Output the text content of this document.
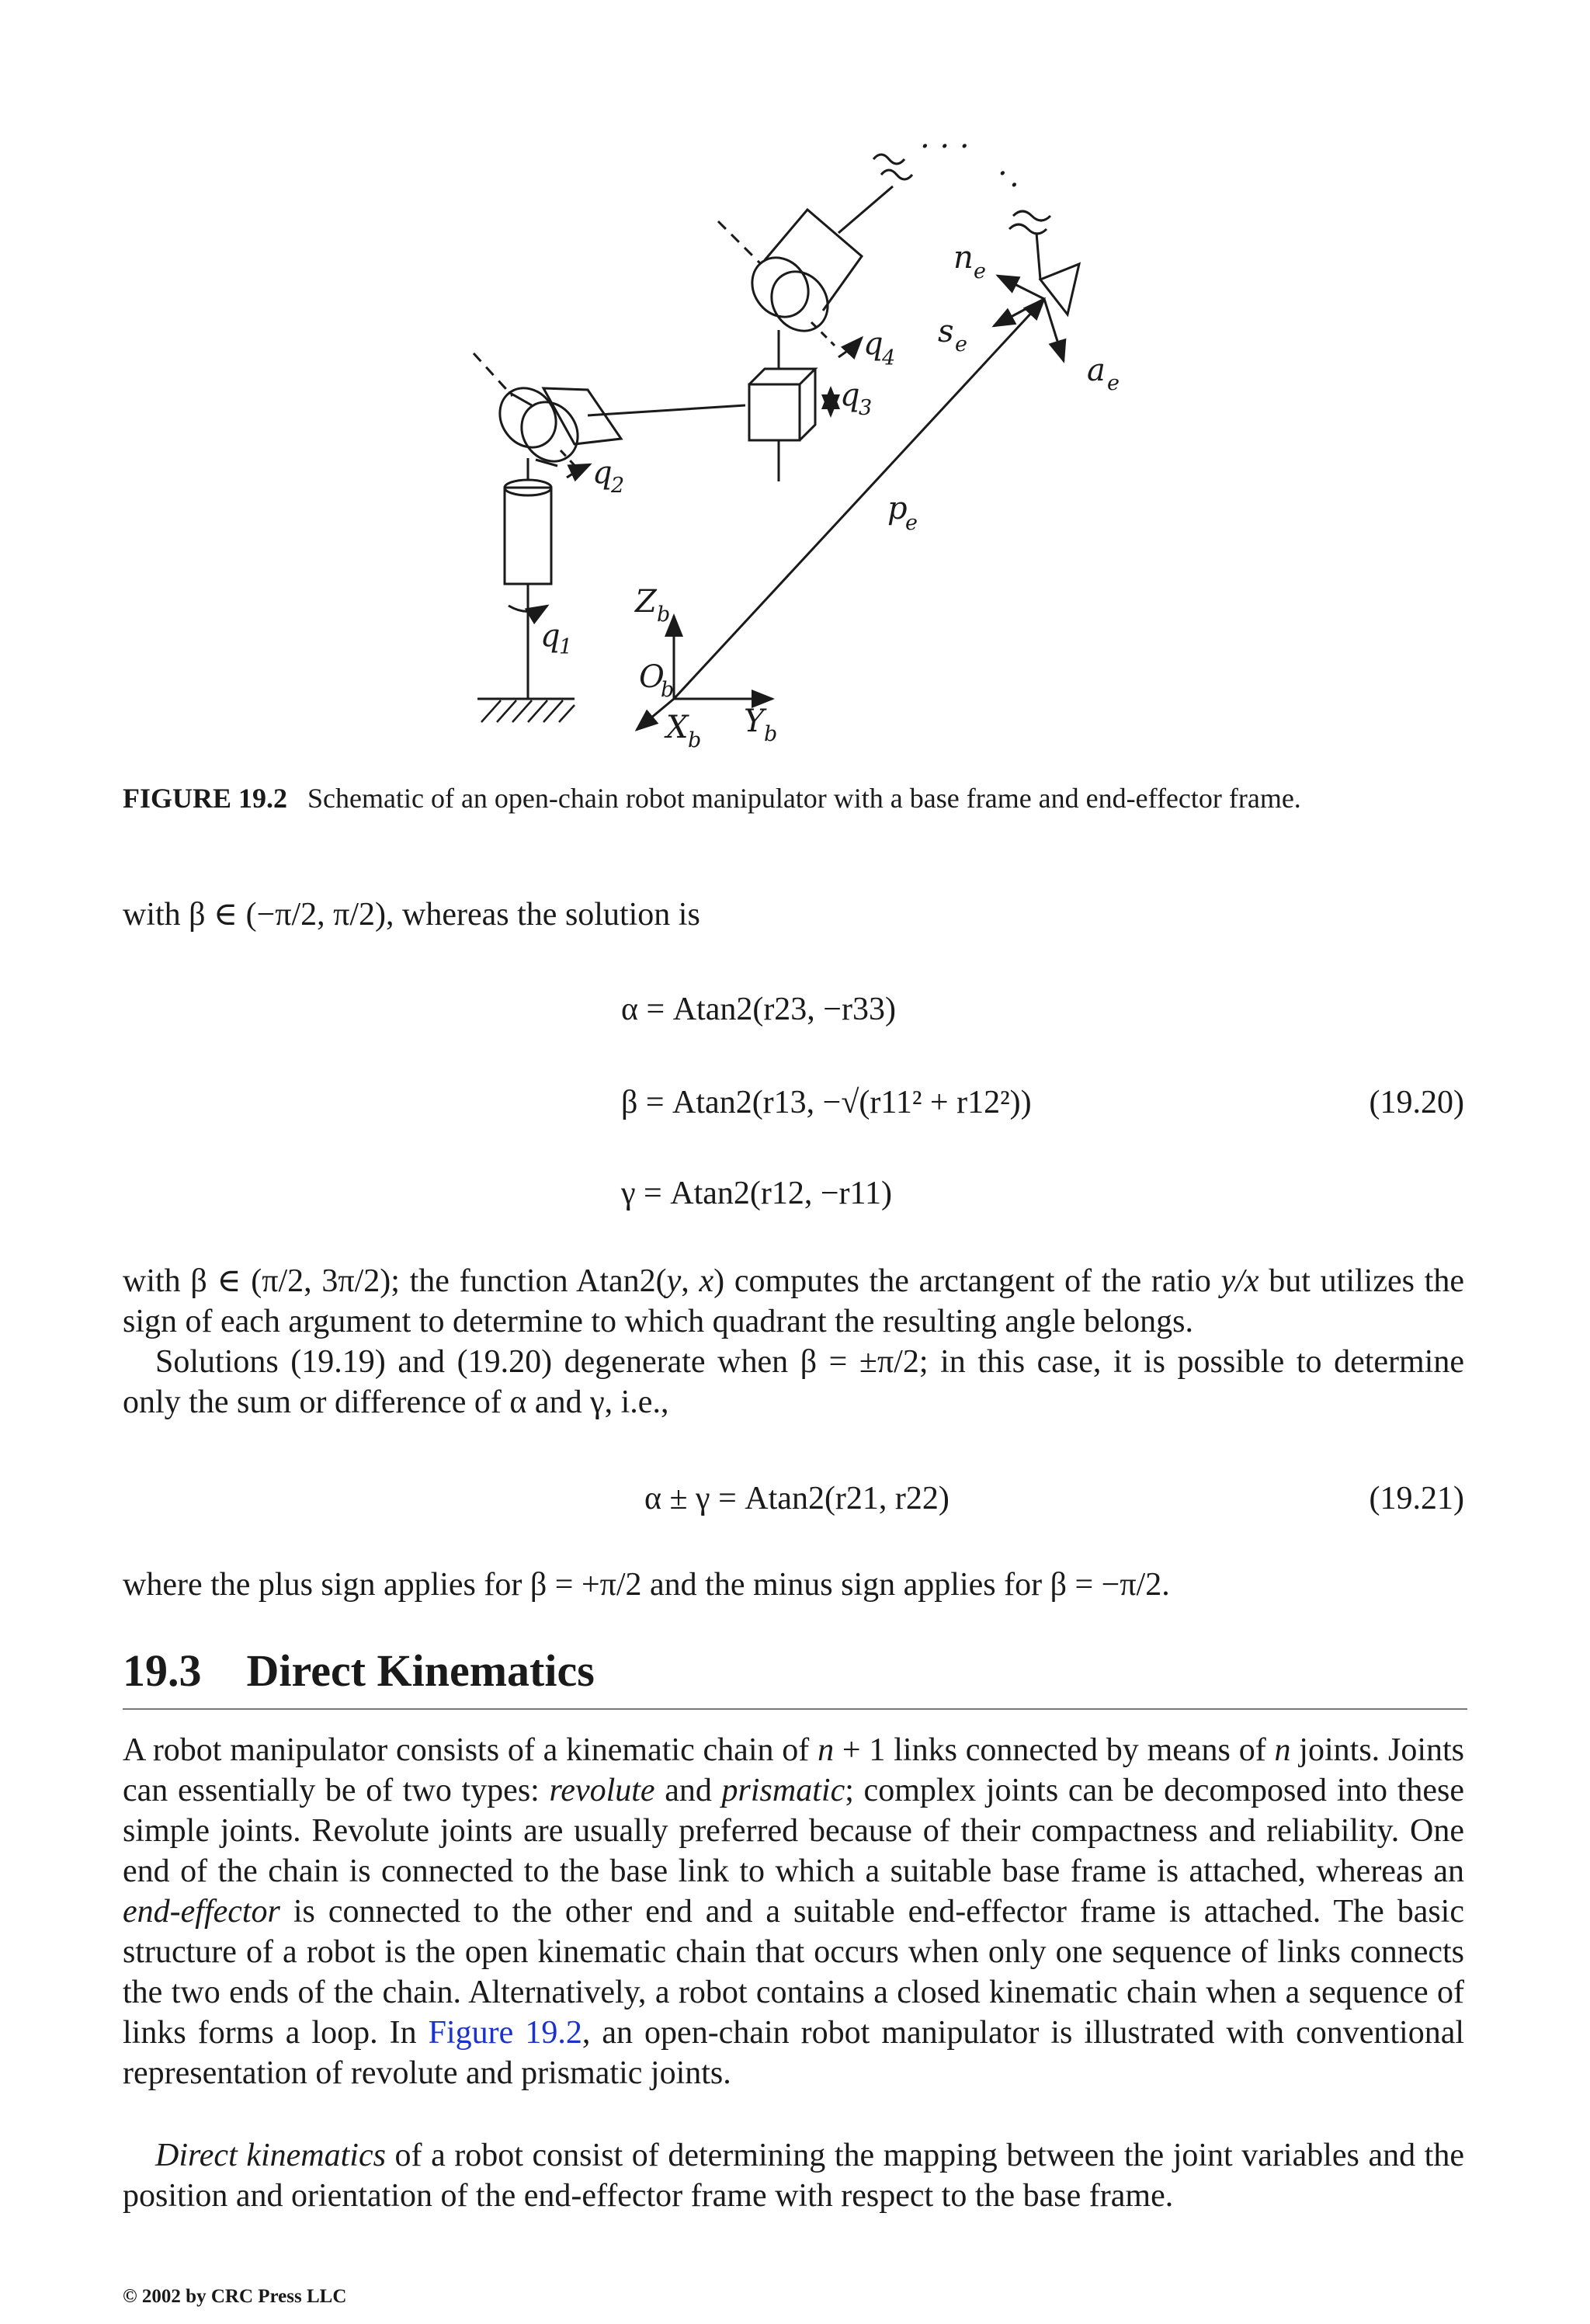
. . .
. .
q
1
q
2
q
3
q
4
n e
s e
a e
p
e
Z b
O
b
X b
Y b
FIGURE 19.2 Schematic of an open-chain robot manipulator with a base frame and end-effector frame.
with β ∈ (−π/2, π/2), whereas the solution is
α = Atan2(r23, −r33)
β = Atan2(r13, −√(r11² + r12²))	(19.20)
γ = Atan2(r12, −r11)
with β ∈ (π/2, 3π/2); the function Atan2(y, x) computes the arctangent of the ratio y/x but utilizes the sign of each argument to determine to which quadrant the resulting angle belongs.
Solutions (19.19) and (19.20) degenerate when β = ±π/2; in this case, it is possible to determine only the sum or difference of α and γ, i.e.,
α ± γ = Atan2(r21, r22)	(19.21)
where the plus sign applies for β = +π/2 and the minus sign applies for β = −π/2.
19.3 Direct Kinematics
A robot manipulator consists of a kinematic chain of n + 1 links connected by means of n joints. Joints can essentially be of two types: revolute and prismatic; complex joints can be decomposed into these simple joints. Revolute joints are usually preferred because of their compactness and reliability. One end of the chain is connected to the base link to which a suitable base frame is attached, whereas an end-effector is connected to the other end and a suitable end-effector frame is attached. The basic structure of a robot is the open kinematic chain that occurs when only one sequence of links connects the two ends of the chain. Alternatively, a robot contains a closed kinematic chain when a sequence of links forms a loop. In Figure 19.2, an open-chain robot manipulator is illustrated with conventional representation of revolute and prismatic joints.
Direct kinematics of a robot consist of determining the mapping between the joint variables and the position and orientation of the end-effector frame with respect to the base frame.
© 2002 by CRC Press LLC
